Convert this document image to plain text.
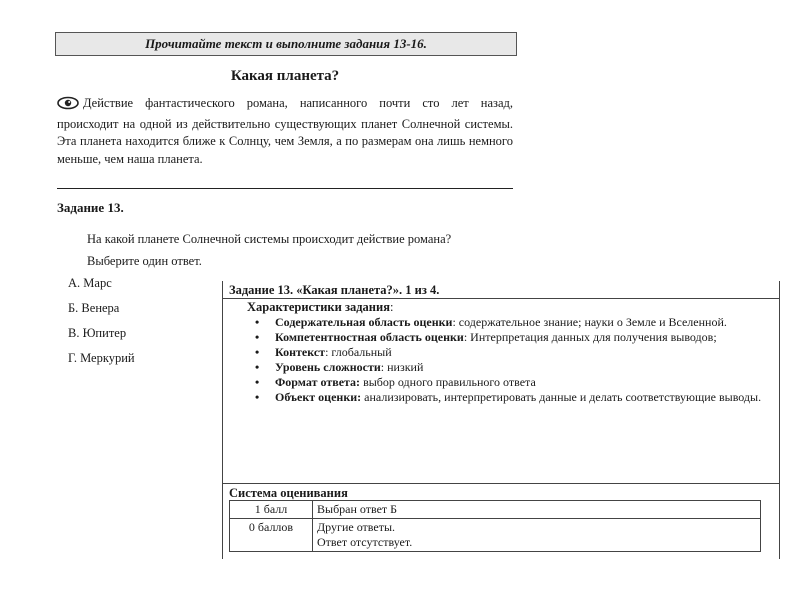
Прочитайте текст и выполните задания 13-16.
Какая планета?
Действие фантастического романа, написанного почти сто лет назад, происходит на одной из действительно существующих планет Солнечной системы. Эта планета находится ближе к Солнцу, чем Земля, а по размерам она лишь немного меньше, чем наша планета.
Задание 13.
На какой планете Солнечной системы происходит действие романа?
Выберите один ответ.
А. Марс
Б. Венера
В. Юпитер
Г. Меркурий
Задание 13. «Какая планета?». 1 из 4.
Характеристики задания:
• Содержательная область оценки: содержательное знание; науки о Земле и Вселенной.
• Компетентностная область оценки: Интерпретация данных для получения выводов;
• Контекст: глобальный
• Уровень сложности: низкий
• Формат ответа: выбор одного правильного ответа
• Объект оценки: анализировать, интерпретировать данные и делать соответствующие выводы.
Система оценивания
1 балл	Выбран ответ Б

0 баллов	Другие ответы.
Ответ отсутствует.
